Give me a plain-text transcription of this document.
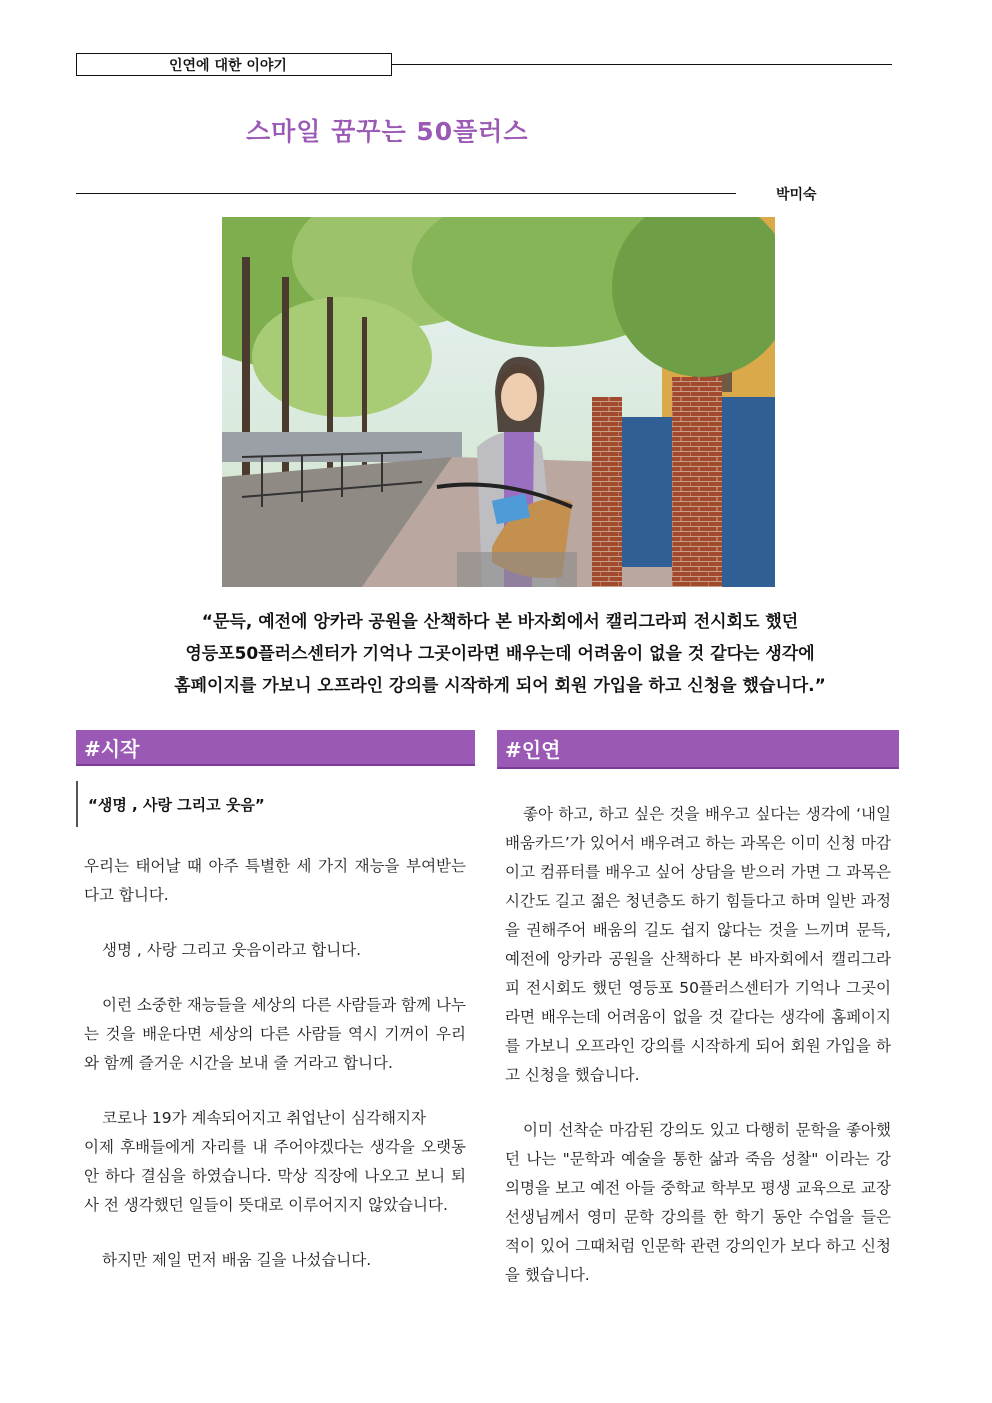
인연에 대한 이야기
스마일 꿈꾸는 50플러스
박미숙
“문득, 예전에 앙카라 공원을 산책하다 본 바자회에서 캘리그라피 전시회도 했던
영등포50플러스센터가 기억나 그곳이라면 배우는데 어려움이 없을 것 같다는 생각에
홈페이지를 가보니 오프라인 강의를 시작하게 되어 회원 가입을 하고 신청을 했습니다.”
#시작	#인연
“생명 , 사랑 그리고 웃음”

우리는 태어날 때 아주 특별한 세 가지 재능을 부여받는다고 합니다.

생명 , 사랑 그리고 웃음이라고 합니다.

이런 소중한 재능들을 세상의 다른 사람들과 함께 나누는 것을 배운다면 세상의 다른 사람들 역시 기꺼이 우리와 함께 즐거운 시간을 보내 줄 거라고 합니다.

코로나 19가 계속되어지고 취업난이 심각해지자

이제 후배들에게 자리를 내 주어야겠다는 생각을 오랫동안 하다 결심을 하였습니다. 막상 직장에 나오고 보니 퇴사 전 생각했던 일들이 뜻대로 이루어지지 않았습니다.

하지만 제일 먼저 배움 길을 나섰습니다.

좋아 하고, 하고 싶은 것을 배우고 싶다는 생각에 ‘내일배움카드’가 있어서 배우려고 하는 과목은 이미 신청 마감이고 컴퓨터를 배우고 싶어 상담을 받으러 가면 그 과목은 시간도 길고 젊은 청년층도 하기 힘들다고 하며 일반 과정을 권해주어 배움의 길도 쉽지 않다는 것을 느끼며 문득, 예전에 앙카라 공원을 산책하다 본 바자회에서 캘리그라피 전시회도 했던 영등포 50플러스센터가 기억나 그곳이라면 배우는데 어려움이 없을 것 같다는 생각에 홈페이지를 가보니 오프라인 강의를 시작하게 되어 회원 가입을 하고 신청을 했습니다.

이미 선착순 마감된 강의도 있고 다행히 문학을 좋아했던 나는 "문학과 예술을 통한 삶과 죽음 성찰" 이라는 강의명을 보고 예전 아들 중학교 학부모 평생 교육으로 교장 선생님께서 영미 문학 강의를 한 학기 동안 수업을 들은 적이 있어 그때처럼 인문학 관련 강의인가 보다 하고 신청을 했습니다.
